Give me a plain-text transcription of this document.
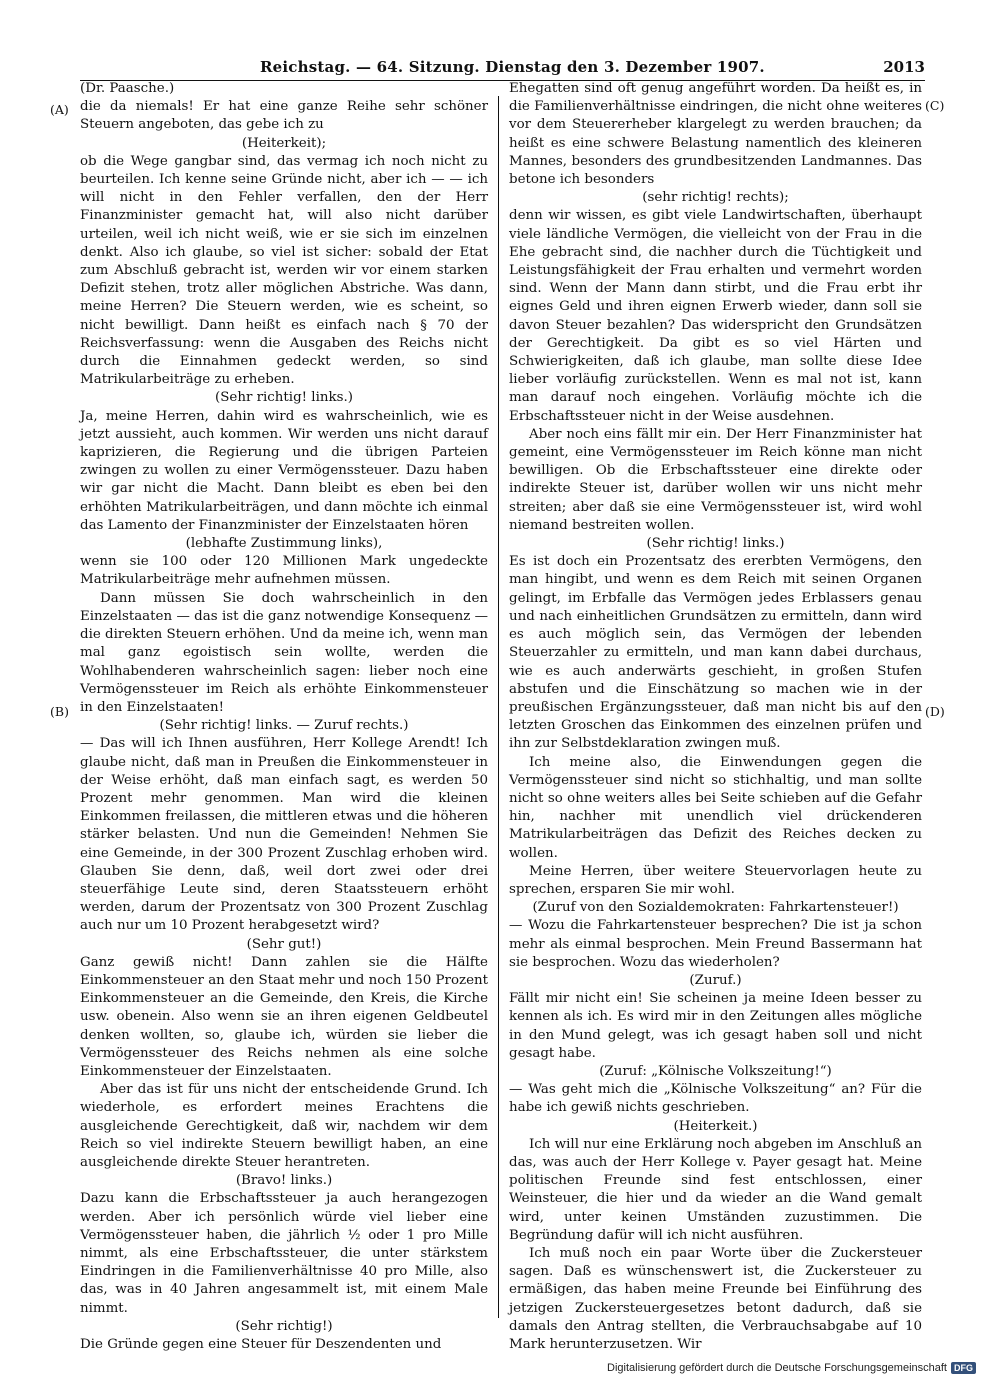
Reichstag. — 64. Sitzung. Dienstag den 3. Dezember 1907.	2013
(A)
(B)
(C)
(D)

(Dr. Paasche.)

die da niemals! Er hat eine ganze Reihe sehr schöner Steuern angeboten, das gebe ich zu

(Heiterkeit);

ob die Wege gangbar sind, das vermag ich noch nicht zu beurteilen. Ich kenne seine Gründe nicht, aber ich — — ich will nicht in den Fehler verfallen, den der Herr Finanzminister gemacht hat, will also nicht darüber urteilen, weil ich nicht weiß, wie er sie sich im einzelnen denkt. Also ich glaube, so viel ist sicher: sobald der Etat zum Abschluß gebracht ist, werden wir vor einem starken Defizit stehen, trotz aller möglichen Abstriche. Was dann, meine Herren? Die Steuern werden, wie es scheint, so nicht bewilligt. Dann heißt es einfach nach § 70 der Reichsverfassung: wenn die Ausgaben des Reichs nicht durch die Einnahmen gedeckt werden, so sind Matrikularbeiträge zu erheben.

(Sehr richtig! links.)

Ja, meine Herren, dahin wird es wahrscheinlich, wie es jetzt aussieht, auch kommen. Wir werden uns nicht darauf kaprizieren, die Regierung und die übrigen Parteien zwingen zu wollen zu einer Vermögenssteuer. Dazu haben wir gar nicht die Macht. Dann bleibt es eben bei den erhöhten Matrikularbeiträgen, und dann möchte ich einmal das Lamento der Finanzminister der Einzelstaaten hören

(lebhafte Zustimmung links),

wenn sie 100 oder 120 Millionen Mark ungedeckte Matrikularbeiträge mehr aufnehmen müssen.

Dann müssen Sie doch wahrscheinlich in den Einzelstaaten — das ist die ganz notwendige Konsequenz — die direkten Steuern erhöhen. Und da meine ich, wenn man mal ganz egoistisch sein wollte, werden die Wohlhabenderen wahrscheinlich sagen: lieber noch eine Vermögenssteuer im Reich als erhöhte Einkommensteuer in den Einzelstaaten!

(Sehr richtig! links. — Zuruf rechts.)

— Das will ich Ihnen ausführen, Herr Kollege Arendt! Ich glaube nicht, daß man in Preußen die Einkommensteuer in der Weise erhöht, daß man einfach sagt, es werden 50 Prozent mehr genommen. Man wird die kleinen Einkommen freilassen, die mittleren etwas und die höheren stärker belasten. Und nun die Gemeinden! Nehmen Sie eine Gemeinde, in der 300 Prozent Zuschlag erhoben wird. Glauben Sie denn, daß, weil dort zwei oder drei steuerfähige Leute sind, deren Staatssteuern erhöht werden, darum der Prozentsatz von 300 Prozent Zuschlag auch nur um 10 Prozent herabgesetzt wird?

(Sehr gut!)

Ganz gewiß nicht! Dann zahlen sie die Hälfte Einkommensteuer an den Staat mehr und noch 150 Prozent Einkommensteuer an die Gemeinde, den Kreis, die Kirche usw. obenein. Also wenn sie an ihren eigenen Geldbeutel denken wollten, so, glaube ich, würden sie lieber die Vermögenssteuer des Reichs nehmen als eine solche Einkommensteuer der Einzelstaaten.

Aber das ist für uns nicht der entscheidende Grund. Ich wiederhole, es erfordert meines Erachtens die ausgleichende Gerechtigkeit, daß wir, nachdem wir dem Reich so viel indirekte Steuern bewilligt haben, an eine ausgleichende direkte Steuer herantreten.

(Bravo! links.)

Dazu kann die Erbschaftssteuer ja auch herangezogen werden. Aber ich persönlich würde viel lieber eine Vermögenssteuer haben, die jährlich ½ oder 1 pro Mille nimmt, als eine Erbschaftssteuer, die unter stärkstem Eindringen in die Familienverhältnisse 40 pro Mille, also das, was in 40 Jahren angesammelt ist, mit einem Male nimmt.

(Sehr richtig!)

Die Gründe gegen eine Steuer für Deszendenten und

Ehegatten sind oft genug angeführt worden. Da heißt es, in die Familienverhältnisse eindringen, die nicht ohne weiteres vor dem Steuererheber klargelegt zu werden brauchen; da heißt es eine schwere Belastung namentlich des kleineren Mannes, besonders des grundbesitzenden Landmannes. Das betone ich besonders

(sehr richtig! rechts);

denn wir wissen, es gibt viele Landwirtschaften, überhaupt viele ländliche Vermögen, die vielleicht von der Frau in die Ehe gebracht sind, die nachher durch die Tüchtigkeit und Leistungsfähigkeit der Frau erhalten und vermehrt worden sind. Wenn der Mann dann stirbt, und die Frau erbt ihr eignes Geld und ihren eignen Erwerb wieder, dann soll sie davon Steuer bezahlen? Das widerspricht den Grundsätzen der Gerechtigkeit. Da gibt es so viel Härten und Schwierigkeiten, daß ich glaube, man sollte diese Idee lieber vorläufig zurückstellen. Wenn es mal not ist, kann man darauf noch eingehen. Vorläufig möchte ich die Erbschaftssteuer nicht in der Weise ausdehnen.

Aber noch eins fällt mir ein. Der Herr Finanzminister hat gemeint, eine Vermögenssteuer im Reich könne man nicht bewilligen. Ob die Erbschaftssteuer eine direkte oder indirekte Steuer ist, darüber wollen wir uns nicht mehr streiten; aber daß sie eine Vermögenssteuer ist, wird wohl niemand bestreiten wollen.

(Sehr richtig! links.)

Es ist doch ein Prozentsatz des ererbten Vermögens, den man hingibt, und wenn es dem Reich mit seinen Organen gelingt, im Erbfalle das Vermögen jedes Erblassers genau und nach einheitlichen Grundsätzen zu ermitteln, dann wird es auch möglich sein, das Vermögen der lebenden Steuerzahler zu ermitteln, und man kann dabei durchaus, wie es auch anderwärts geschieht, in großen Stufen abstufen und die Einschätzung so machen wie in der preußischen Ergänzungssteuer, daß man nicht bis auf den letzten Groschen das Einkommen des einzelnen prüfen und ihn zur Selbstdeklaration zwingen muß.

Ich meine also, die Einwendungen gegen die Vermögenssteuer sind nicht so stichhaltig, und man sollte nicht so ohne weiters alles bei Seite schieben auf die Gefahr hin, nachher mit unendlich viel drückenderen Matrikularbeiträgen das Defizit des Reiches decken zu wollen.

Meine Herren, über weitere Steuervorlagen heute zu sprechen, ersparen Sie mir wohl.

(Zuruf von den Sozialdemokraten: Fahrkartensteuer!)

— Wozu die Fahrkartensteuer besprechen? Die ist ja schon mehr als einmal besprochen. Mein Freund Bassermann hat sie besprochen. Wozu das wiederholen?

(Zuruf.)

Fällt mir nicht ein! Sie scheinen ja meine Ideen besser zu kennen als ich. Es wird mir in den Zeitungen alles mögliche in den Mund gelegt, was ich gesagt haben soll und nicht gesagt habe.

(Zuruf: „Kölnische Volkszeitung!“)

— Was geht mich die „Kölnische Volkszeitung“ an? Für die habe ich gewiß nichts geschrieben.

(Heiterkeit.)

Ich will nur eine Erklärung noch abgeben im Anschluß an das, was auch der Herr Kollege v. Payer gesagt hat. Meine politischen Freunde sind fest entschlossen, einer Weinsteuer, die hier und da wieder an die Wand gemalt wird, unter keinen Umständen zuzustimmen. Die Begründung dafür will ich nicht ausführen.

Ich muß noch ein paar Worte über die Zuckersteuer sagen. Daß es wünschenswert ist, die Zuckersteuer zu ermäßigen, das haben meine Freunde bei Einführung des jetzigen Zuckersteuergesetzes betont dadurch, daß sie damals den Antrag stellten, die Verbrauchsabgabe auf 10 Mark herunterzusetzen. Wir

Digitalisierung gefördert durch die Deutsche Forschungsgemeinschaft DFG
